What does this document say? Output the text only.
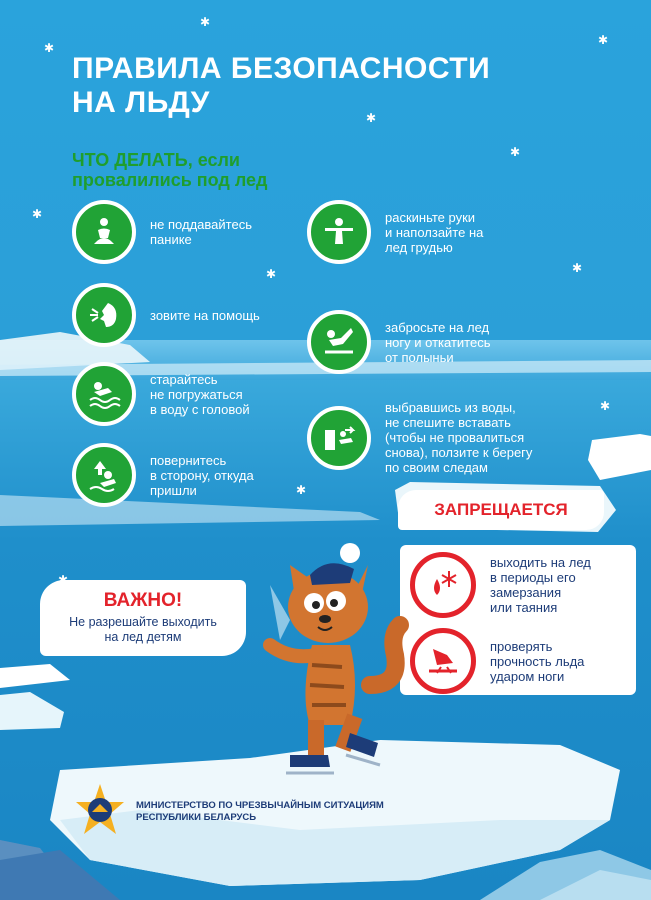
✱
✱
✱
✱
✱
✱
✱	✱
✱
✱
ПРАВИЛА БЕЗОПАСНОСТИ
НА ЛЬДУ
ЧТО ДЕЛАТЬ, если
провалились под лед
не поддавайтесь
панике
зовите на помощь
старайтесь
не погружаться
в воду с головой
повернитесь
в сторону, откуда
пришли
раскиньте руки
и наползайте на
лед грудью
забросьте на лед
ногу и откатитесь
от полыньи
выбравшись из воды,
не спешите вставать
(чтобы не провалиться
снова), ползите к берегу
по своим следам
ЗАПРЕЩАЕТСЯ
выходить на лед
в периоды его
замерзания
или таяния
проверять
прочность льда
ударом ноги
ВАЖНО!
Не разрешайте выходить
на лед детям
МИНИСТЕРСТВО ПО ЧРЕЗВЫЧАЙНЫМ СИТУАЦИЯМ
РЕСПУБЛИКИ БЕЛАРУСЬ
